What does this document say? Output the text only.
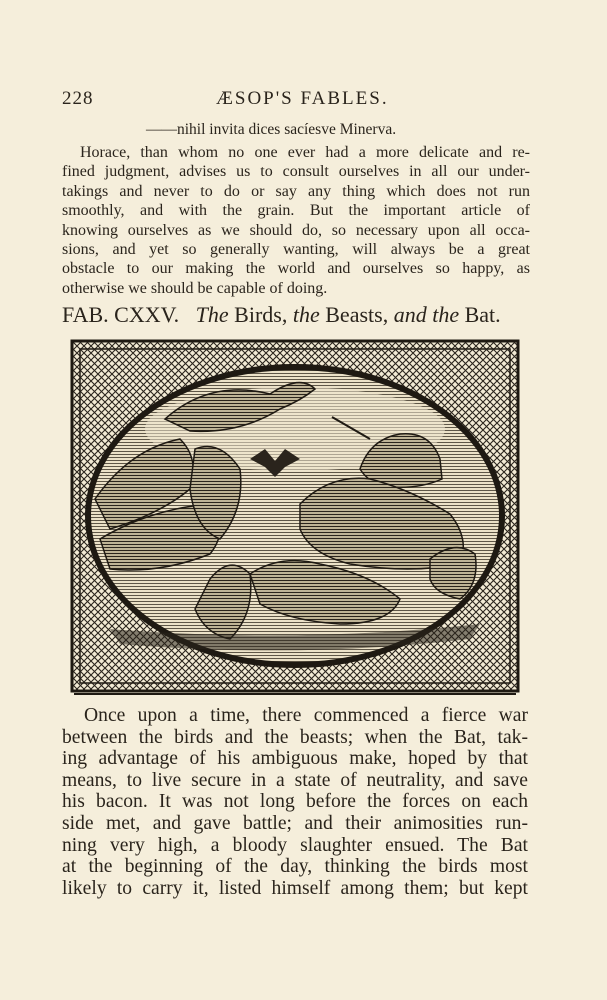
228	ÆSOP'S FABLES.
——nihil invita dices sacíesve Minerva.
Horace, than whom no one ever had a more delicate and re-
fined judgment, advises us to consult ourselves in all our under-
takings and never to do or say any thing which does not run
smoothly, and with the grain. But the important article of
knowing ourselves as we should do, so necessary upon all occa-
sions, and yet so generally wanting, will always be a great
obstacle to our making the world and ourselves so happy, as
otherwise we should be capable of doing.
FAB. CXXV. The Birds, the Beasts, and the Bat.
Once upon a time, there commenced a fierce war
between the birds and the beasts; when the Bat, tak-
ing advantage of his ambiguous make, hoped by that
means, to live secure in a state of neutrality, and save
his bacon. It was not long before the forces on each
side met, and gave battle; and their animosities run-
ning very high, a bloody slaughter ensued. The Bat
at the beginning of the day, thinking the birds most
likely to carry it, listed himself among them; but kept
